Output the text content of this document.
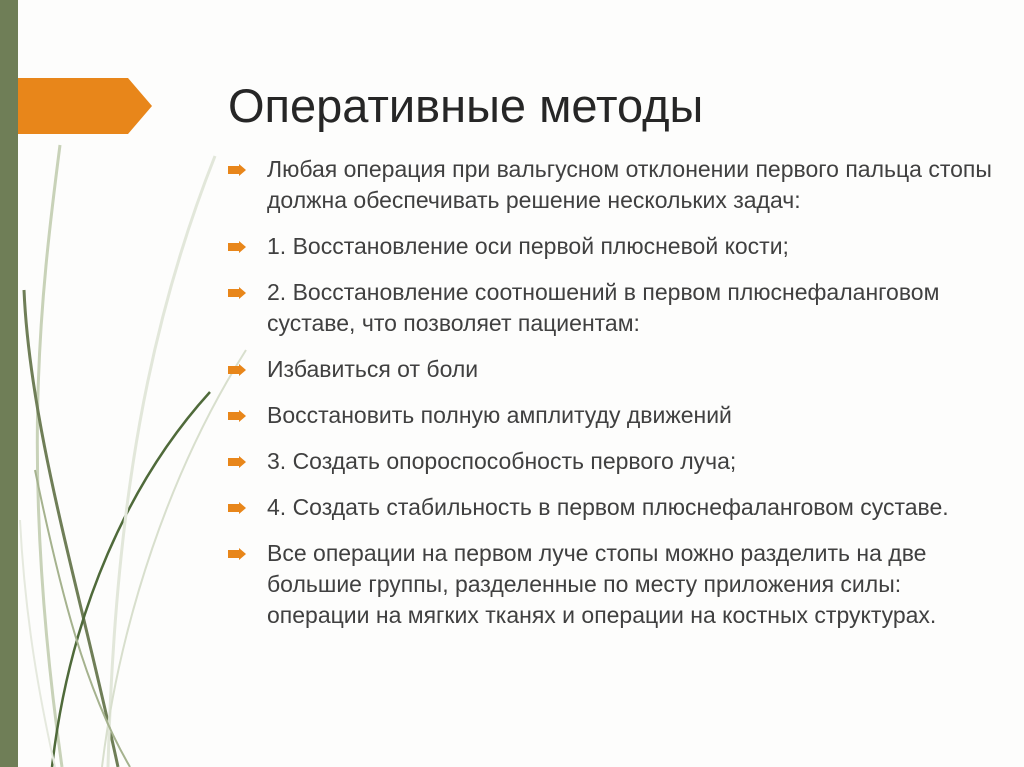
Оперативные методы
Любая операция при вальгусном отклонении первого пальца стопы должна обеспечивать решение нескольких задач:
1. Восстановление оси первой плюсневой кости;
2. Восстановление соотношений в первом плюснефаланговом суставе, что позволяет пациентам:
Избавиться от боли
Восстановить полную амплитуду движений
3. Создать опороспособность первого луча;
4. Создать стабильность в первом плюснефаланговом суставе.
Все операции на первом луче стопы можно разделить на две большие группы, разделенные по месту приложения силы: операции на мягких тканях и операции на костных структурах.
